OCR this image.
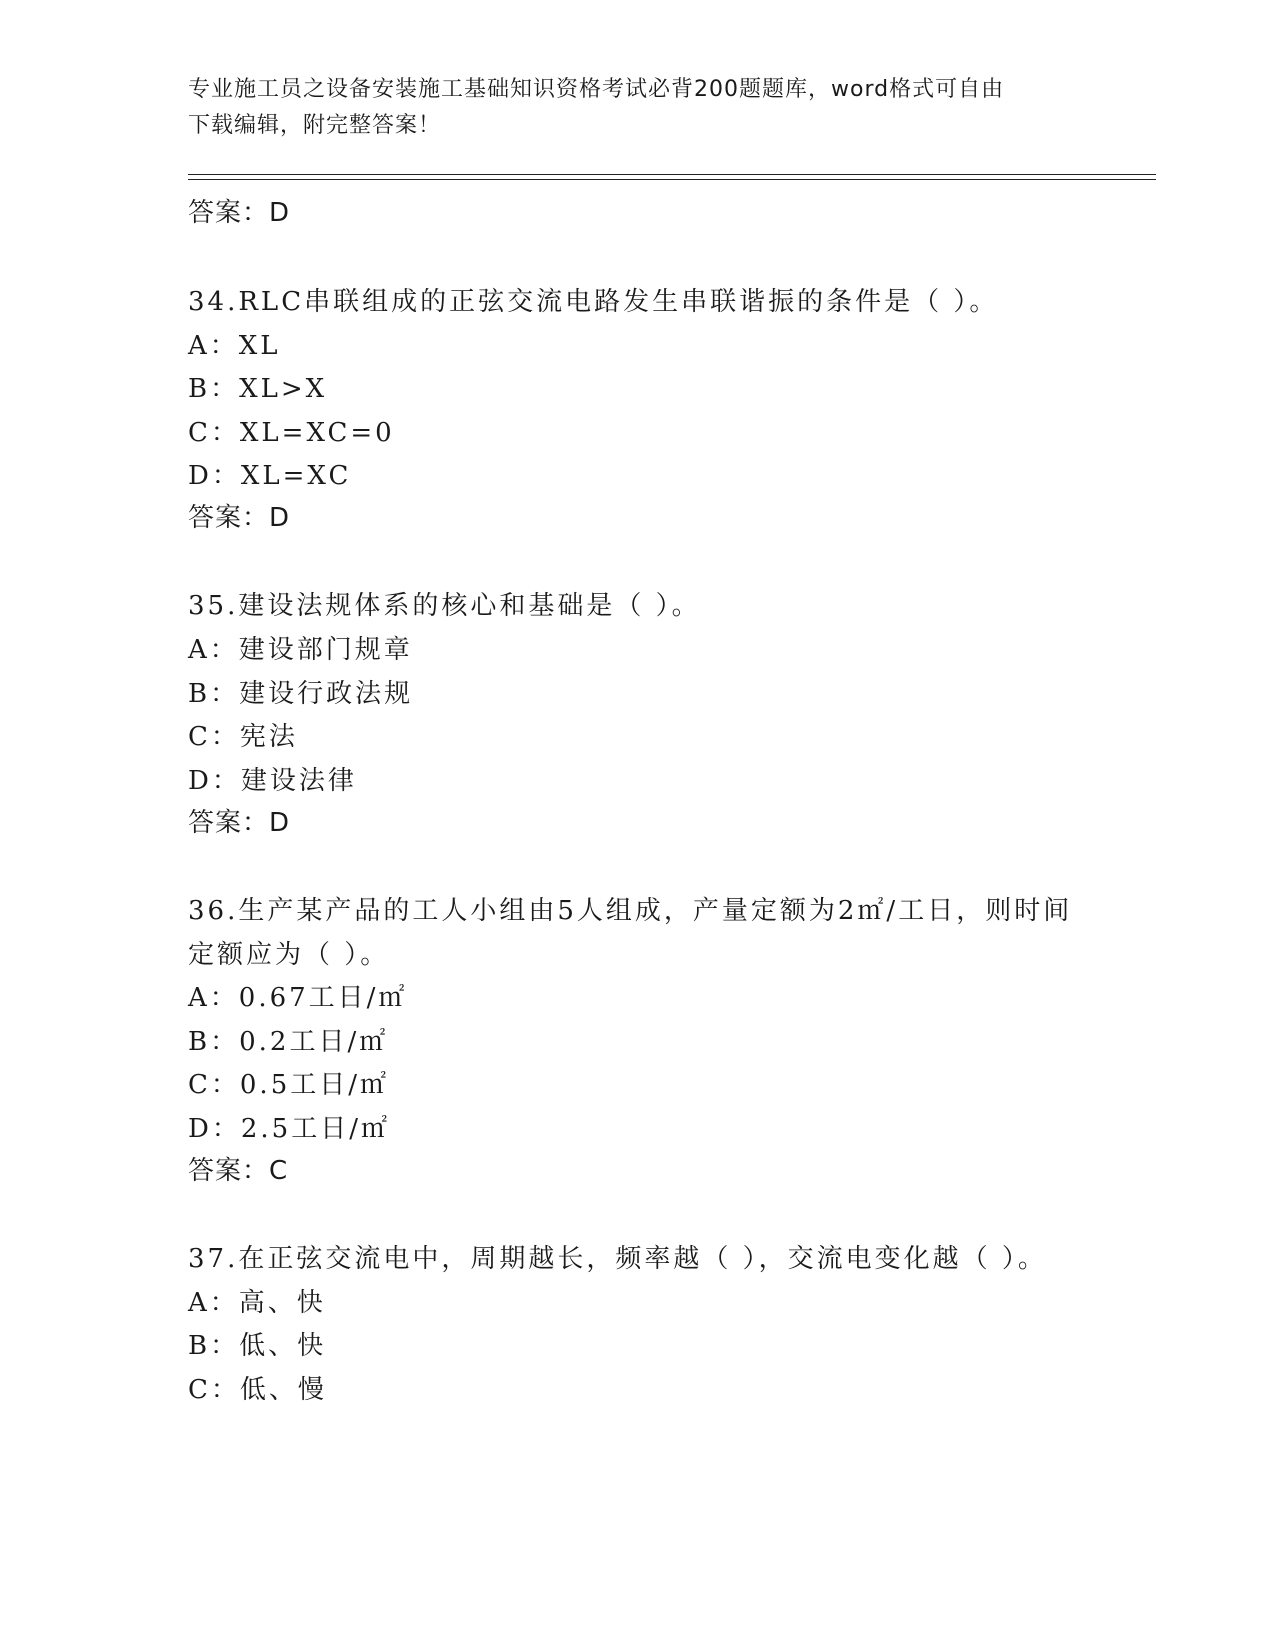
专业施工员之设备安装施工基础知识资格考试必背200题题库，word格式可自由
下载编辑，附完整答案！
答案：D
34.RLC串联组成的正弦交流电路发生串联谐振的条件是（ ）。
A：XL
B：XL>X
C：XL=XC=0
D：XL=XC
答案：D
35.建设法规体系的核心和基础是（ ）。
A：建设部门规章
B：建设行政法规
C：宪法
D：建设法律
答案：D
36.生产某产品的工人小组由5人组成，产量定额为2㎡/工日，则时间
定额应为（ ）。
A：0.67工日/㎡
B：0.2工日/㎡
C：0.5工日/㎡
D：2.5工日/㎡
答案：C
37.在正弦交流电中，周期越长，频率越（ ），交流电变化越（ ）。
A：高、快
B：低、快
C：低、慢
